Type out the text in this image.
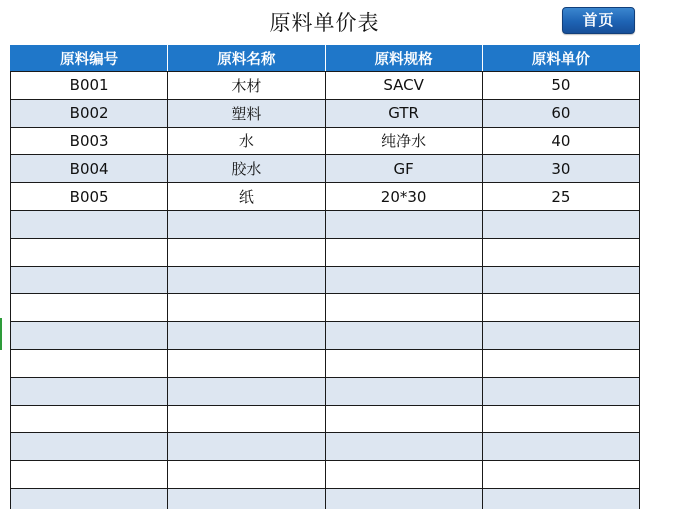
原料单价表	首页
原料编号	原料名称	原料规格	原料单价
B001	木材	SACV	50
B002	塑料	GTR	60
B003	水	纯净水	40
B004	胶水	GF	30
B005	纸	20*30	25
